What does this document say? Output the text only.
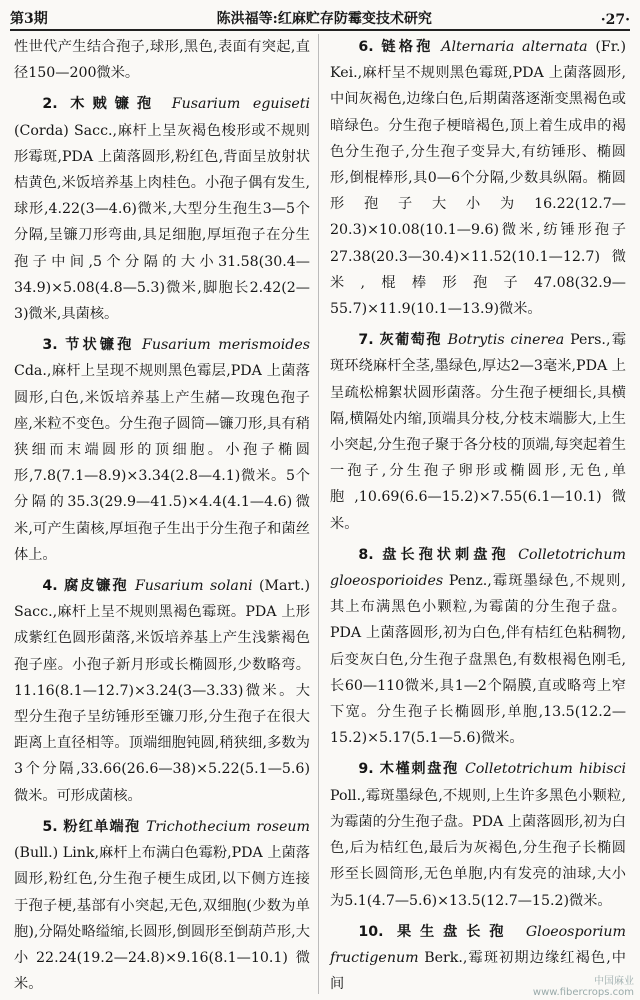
第3期	陈洪福等:红麻贮存防霉变技术研究	·27·

性世代产生结合孢子,球形,黑色,表面有突起,直径150—200微米。

2. 木贼镰孢 Fusarium eguiseti (Corda) Sacc.,麻杆上呈灰褐色梭形或不规则形霉斑,PDA 上菌落圆形,粉红色,背面呈放射状桔黄色,米饭培养基上肉桂色。小孢子偶有发生,球形,4.22(3—4.6)微米,大型分生孢生3—5个分隔,呈镰刀形弯曲,具足细胞,厚垣孢子在分生孢子中间,5个分隔的大小31.58(30.4—34.9)×5.08(4.8—5.3)微米,脚胞长2.42(2—3)微米,具菌核。

3. 节状镰孢 Fusarium merismoides Cda.,麻杆上呈现不规则黑色霉层,PDA 上菌落圆形,白色,米饭培养基上产生赭—玫瑰色孢子座,米粒不变色。分生孢子圆筒—镰刀形,具有稍狭细而末端圆形的顶细胞。小孢子椭圆形,7.8(7.1—8.9)×3.34(2.8—4.1)微米。5个分隔的35.3(29.9—41.5)×4.4(4.1—4.6)微米,可产生菌核,厚垣孢子生出于分生孢子和菌丝体上。

4. 腐皮镰孢 Fusarium solani (Mart.) Sacc.,麻杆上呈不规则黑褐色霉斑。PDA 上形成紫红色圆形菌落,米饭培养基上产生浅紫褐色孢子座。小孢子新月形或长椭圆形,少数略弯。11.16(8.1—12.7)×3.24(3—3.33)微米。大型分生孢子呈纺锤形至镰刀形,分生孢子在很大距离上直径相等。顶端细胞钝圆,稍狭细,多数为3个分隔,33.66(26.6—38)×5.22(5.1—5.6)微米。可形成菌核。

5. 粉红单端孢 Trichothecium roseum (Bull.) Link,麻杆上布满白色霉粉,PDA 上菌落圆形,粉红色,分生孢子梗生成团,以下侧方连接于孢子梗,基部有小突起,无色,双细胞(少数为单胞),分隔处略缢缩,长圆形,倒圆形至倒葫芦形,大小22.24(19.2—24.8)×9.16(8.1—10.1)微米。

6. 链格孢 Alternaria alternata (Fr.) Kei.,麻杆呈不规则黑色霉斑,PDA 上菌落圆形,中间灰褐色,边缘白色,后期菌落逐渐变黑褐色或暗绿色。分生孢子梗暗褐色,顶上着生成串的褐色分生孢子,分生孢子变异大,有纺锤形、椭圆形,倒棍棒形,具0—6个分隔,少数具纵隔。椭圆形孢子大小为16.22(12.7—20.3)×10.08(10.1—9.6)微米,纺锤形孢子27.38(20.3—30.4)×11.52(10.1—12.7)微米,棍棒形孢子47.08(32.9—55.7)×11.9(10.1—13.9)微米。

7. 灰葡萄孢 Botrytis cinerea Pers.,霉斑环绕麻杆全茎,墨绿色,厚达2—3毫米,PDA 上呈疏松棉絮状圆形菌落。分生孢子梗细长,具横隔,横隔处内缩,顶端具分枝,分枝末端膨大,上生小突起,分生孢子聚于各分枝的顶端,每突起着生一孢子,分生孢子卵形或椭圆形,无色,单胞,10.69(6.6—15.2)×7.55(6.1—10.1)微米。

8. 盘长孢状刺盘孢 Colletotrichum gloeosporioides Penz.,霉斑墨绿色,不规则,其上布满黑色小颗粒,为霉菌的分生孢子盘。PDA 上菌落圆形,初为白色,伴有桔红色粘稠物,后变灰白色,分生孢子盘黑色,有数根褐色刚毛,长60—110微米,具1—2个隔膜,直或略弯上窄下宽。分生孢子长椭圆形,单胞,13.5(12.2—15.2)×5.17(5.1—5.6)微米。

9. 木槿刺盘孢 Colletotrichum hibisci Poll.,霉斑墨绿色,不规则,上生许多黑色小颗粒,为霉菌的分生孢子盘。PDA 上菌落圆形,初为白色,后为桔红色,最后为灰褐色,分生孢子长椭圆形至长圆筒形,无色单胞,内有发亮的油球,大小为5.1(4.7—5.6)×13.5(12.7—15.2)微米。

10. 果生盘长孢 Gloeosporium fructigenum Berk.,霉斑初期边缘红褐色,中间	中国麻业
www.fibercrops.com
